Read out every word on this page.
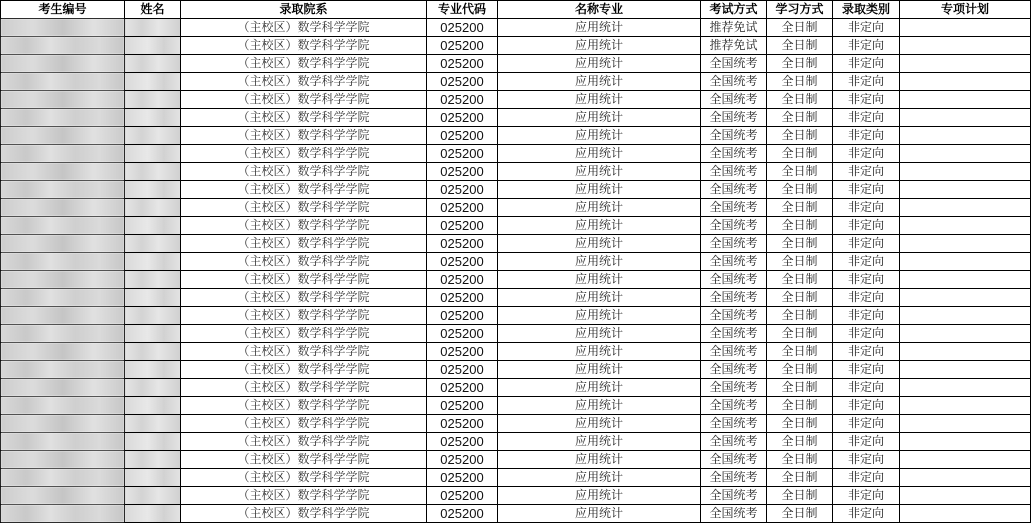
考生编号	姓名	录取院系	专业代码	名称专业	考试方式	学习方式	录取类别	专项计划
		（主校区）数学科学学院	025200	应用统计	推荐免试	全日制	非定向	
		（主校区）数学科学学院	025200	应用统计	推荐免试	全日制	非定向	
		（主校区）数学科学学院	025200	应用统计	全国统考	全日制	非定向	
		（主校区）数学科学学院	025200	应用统计	全国统考	全日制	非定向	
		（主校区）数学科学学院	025200	应用统计	全国统考	全日制	非定向	
		（主校区）数学科学学院	025200	应用统计	全国统考	全日制	非定向	
		（主校区）数学科学学院	025200	应用统计	全国统考	全日制	非定向	
		（主校区）数学科学学院	025200	应用统计	全国统考	全日制	非定向	
		（主校区）数学科学学院	025200	应用统计	全国统考	全日制	非定向	
		（主校区）数学科学学院	025200	应用统计	全国统考	全日制	非定向	
		（主校区）数学科学学院	025200	应用统计	全国统考	全日制	非定向	
		（主校区）数学科学学院	025200	应用统计	全国统考	全日制	非定向	
		（主校区）数学科学学院	025200	应用统计	全国统考	全日制	非定向	
		（主校区）数学科学学院	025200	应用统计	全国统考	全日制	非定向	
		（主校区）数学科学学院	025200	应用统计	全国统考	全日制	非定向	
		（主校区）数学科学学院	025200	应用统计	全国统考	全日制	非定向	
		（主校区）数学科学学院	025200	应用统计	全国统考	全日制	非定向	
		（主校区）数学科学学院	025200	应用统计	全国统考	全日制	非定向	
		（主校区）数学科学学院	025200	应用统计	全国统考	全日制	非定向	
		（主校区）数学科学学院	025200	应用统计	全国统考	全日制	非定向	
		（主校区）数学科学学院	025200	应用统计	全国统考	全日制	非定向	
		（主校区）数学科学学院	025200	应用统计	全国统考	全日制	非定向	
		（主校区）数学科学学院	025200	应用统计	全国统考	全日制	非定向	
		（主校区）数学科学学院	025200	应用统计	全国统考	全日制	非定向	
		（主校区）数学科学学院	025200	应用统计	全国统考	全日制	非定向	
		（主校区）数学科学学院	025200	应用统计	全国统考	全日制	非定向	
		（主校区）数学科学学院	025200	应用统计	全国统考	全日制	非定向	
		（主校区）数学科学学院	025200	应用统计	全国统考	全日制	非定向	
